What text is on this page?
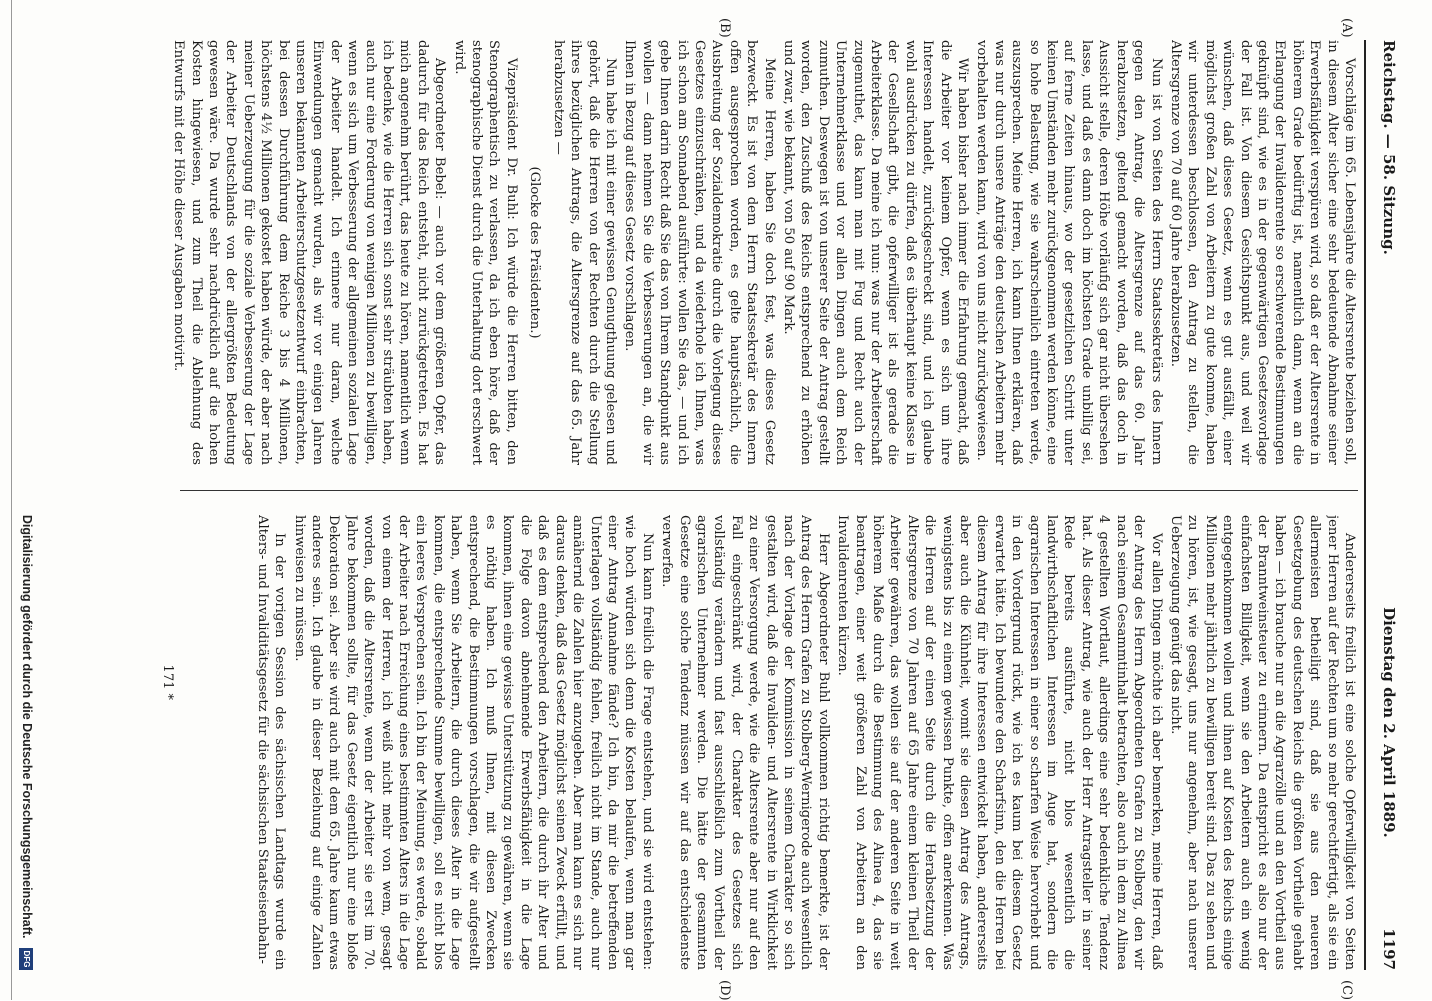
Reichstag. — 58. Sitzung.
Dienstag den 2. April 1889.  1197
(A)
(B)
(C)
(D)

Vorschläge im 65. Lebensjahre die Altersrente beziehen soll, in diesem Alter sicher eine sehr bedeutende Abnahme seiner Erwerbsfähigkeit verspüren wird, so daß er der Altersrente in höherem Grade bedürftig ist, namentlich dann, wenn an die Erlangung der Invalidenrente so erschwerende Bestimmungen geknüpft sind, wie es in der gegenwärtigen Gesetzesvorlage der Fall ist. Von diesem Gesichtspunkt aus, und weil wir wünschen, daß dieses Gesetz, wenn es gut ausfällt, einer möglichst großen Zahl von Arbeitern zu gute komme, haben wir unterdessen beschlossen, den Antrag zu stellen, die Altersgrenze von 70 auf 60 Jahre herabzusetzen.

Nun ist von Seiten des Herrn Staatssekretärs des Innern gegen den Antrag, die Altersgrenze auf das 60. Jahr herabzusetzen, geltend gemacht worden, daß das doch in Aussicht stelle, deren Höhe vorläufig sich gar nicht übersehen lasse, und daß es dann doch im höchsten Grade unbillig sei, auf ferne Zeiten hinaus, wo der gesetzlichen Schritt unter keinen Umständen mehr zurückgenommen werden könne, eine so hohe Belastung, wie sie wahrscheinlich eintreten werde, auszusprechen. Meine Herren, ich kann Ihnen erklären, daß was nur durch unsere Anträge den deutschen Arbeitern mehr vorbehalten werden kann, wird von uns nicht zurückgewiesen.

Wir haben bisher nach immer die Erfahrung gemacht, daß die Arbeiter vor keinem Opfer, wenn es sich um ihre Interessen handelt, zurückgeschreckt sind, und ich glaube wohl ausdrücken zu dürfen, daß es überhaupt keine Klasse in der Gesellschaft gibt, die opferwilliger ist als gerade die Arbeiterklasse. Da meine ich nun: was nur der Arbeiterschaft zugemuthet, das kann man mit Fug und Recht auch der Unternehmerklasse und vor allen Dingen auch dem Reich zumuthen. Deswegen ist von unserer Seite der Antrag gestellt worden, den Zuschuß des Reichs entsprechend zu erhöhen und zwar, wie bekannt, von 50 auf 90 Mark.

Meine Herren, haben Sie doch fest, was dieses Gesetz bezweckt. Es ist von dem Herrn Staatssekretär des Innern offen ausgesprochen worden, es gelte hauptsächlich, die Ausbreitung der Sozialdemokratie durch die Vorlegung dieses Gesetzes einzuschränken, und da wiederhole ich Ihnen, was ich schon am Sonnabend ausführte: wollen Sie das, — und ich gebe Ihnen darin Recht daß Sie das von Ihrem Standpunkt aus wollen — dann nehmen Sie die Verbesserungen an, die wir Ihnen in Bezug auf dieses Gesetz vorschlagen.

Nun habe ich mit einer gewissen Genugthuung gelesen und gehört, daß die Herren von der Rechten durch die Stellung ihres bezüglichen Antrags, die Altersgrenze auf das 65. Jahr herabzusetzen —

(Glocke des Präsidenten.)

Vizepräsident Dr. Buhl: Ich würde die Herren bitten, den Stenographentisch zu verlassen, da ich eben höre, daß der stenographische Dienst durch die Unterhaltung dort erschwert wird.

Abgeordneter Bebel: — auch vor dem größeren Opfer, das dadurch für das Reich entsteht, nicht zurückgetreten. Es hat mich angenehm berührt, das heute zu hören, namentlich wenn ich bedenke, wie die Herren sich sonst sehr sträubten haben, auch nur eine Forderung von wenigen Millionen zu bewilligen, wenn es sich um Verbesserung der allgemeinen sozialen Lage der Arbeiter handelt. Ich erinnere nur daran, welche Einwendungen gemacht wurden, als wir vor einigen Jahren unseren bekannten Arbeiterschutzgesetzentwurf einbrachten, bei dessen Durchführung dem Reiche 3 bis 4 Millionen, höchstens 4½ Millionen gekostet haben würde, der aber nach meiner Ueberzeugung für die soziale Verbesserung der Lage der Arbeiter Deutschlands von der allergrößten Bedeutung gewesen wäre. Da wurde sehr nachdrücklich auf die hohen Kosten hingewiesen, und zum Theil die Ablehnung des Entwurfs mit der Höhe dieser Ausgaben motivirt.

Andererseits freilich ist eine solche Opferwilligkeit von Seiten jener Herren auf der Rechten um so mehr gerechtfertigt, als sie ein allermeisten betheiligt sind, daß sie aus den neueren Gesetzgebung des deutschen Reichs die größten Vortheile gehabt haben — ich brauche nur an die Agrarzölle und an den Vortheil aus der Branntweinsteuer zu erinnern. Da entspricht es also nur der einfachsten Billigkeit, wenn sie den Arbeitern auch ein wenig entgegenkommen wollen und ihnen auf Kosten des Reichs einige Millionen mehr jährlich zu bewilligen bereit sind. Das zu sehen und zu hören, ist, wie gesagt, uns nur angenehm, aber nach unserer Ueberzeugung genügt das nicht.

Vor allen Dingen möchte ich aber bemerken, meine Herren, daß der Antrag des Herrn Abgeordneten Grafen zu Stolberg, den wir nach seinem Gesammtinhalt betrachten, also auch in dem zu Alinea 4 gestellten Wortlaut, allerdings eine sehr bedenkliche Tendenz hat. Als dieser Antrag, wie auch der Herr Antragsteller in seiner Rede bereits ausführte, nicht blos wesentlich die landwirthschaftlichen Interessen im Auge hat, sondern die agrarischen Interessen in einer so scharfen Weise hervorhebt und in den Vordergrund rückt, wie ich es kaum bei diesem Gesetz erwartet hätte. Ich bewundere den Scharfsinn, den die Herren bei diesem Antrag für ihre Interessen entwickelt haben, andererseits aber auch die Kühnheit, womit sie diesen Antrag des Antrags, wenigstens bis zu einem gewissen Punkte, offen anerkennen. Was die Herren auf der einen Seite durch die Herabsetzung der Altersgrenze von 70 Jahren auf 65 Jahre einem kleinen Theil der Arbeiter gewähren, das wollen sie auf der anderen Seite in weit höherem Maße durch die Bestimmung des Alinea 4, das sie beantragen, einer weit größeren Zahl von Arbeitern an den Invalidenrenten kürzen.

Herr Abgeordneter Buhl vollkommen richtig bemerkte, ist der Antrag des Herrn Grafen zu Stolberg-Wernigerode auch wesentlich nach der Vorlage der Kommission in seinem Charakter so sich gestalten wird, daß die Invaliden- und Altersrente in Wirklichkeit zu einer Versorgung werde, wie die Altersrente aber nur auf den Fall eingeschränkt wird, der Charakter des Gesetzes sich vollständig verändern und fast ausschließlich zum Vortheil der agrarischen Unternehmer werden. Die hätte der gesammten Gesetze eine solche Tendenz müssen wir auf das entschiedenste verwerfen.

Nun kann freilich die Frage entstehen, und sie wird entstehen: wie hoch würden sich denn die Kosten belaufen, wenn man gar einer Antrag Annahme fände? Ich bin, da mir die betreffenden Unterlagen vollständig fehlen, freilich nicht im Stande, auch nur annähernd die Zahlen hier anzugeben. Aber man kann es sich nur daraus denken, daß das Gesetz möglichst seinen Zweck erfüllt, und daß es dem entsprechend den Arbeitern, die durch ihr Alter und die Folge davon abnehmende Erwerbsfähigkeit in die Lage kommen, ihnen eine gewisse Unterstützung zu gewähren, wenn sie es nöthig haben. Ich muß Ihnen, mit diesen Zwecken entsprechend, die Bestimmungen vorschlagen, die wir aufgestellt haben, wenn Sie Arbeitern, die durch dieses Alter in die Lage kommen, die entsprechende Summe bewilligen, soll es nicht blos ein leeres Versprechen sein. Ich bin der Meinung, es werde, sobald der Arbeiter nach Erreichung eines bestimmten Alters in die Lage von einem der Herren, ich weiß nicht mehr von wem, gesagt worden, daß die Altersrente, wenn der Arbeiter sie erst im 70. Jahre bekommen sollte, für das Gesetz eigentlich nur eine bloße Dekoration sei. Aber sie wird auch mit dem 65. Jahre kaum etwas anderes sein. Ich glaube in dieser Beziehung auf einige Zahlen hinweisen zu müssen.

In der vorigen Session des sächsischen Landtags wurde ein Alters- und Invaliditätsgesetz für die sächsischen Staatseisenbahn-

171 *
Digitalisierung gefördert durch die Deutsche Forschungsgemeinschaft. DFG
